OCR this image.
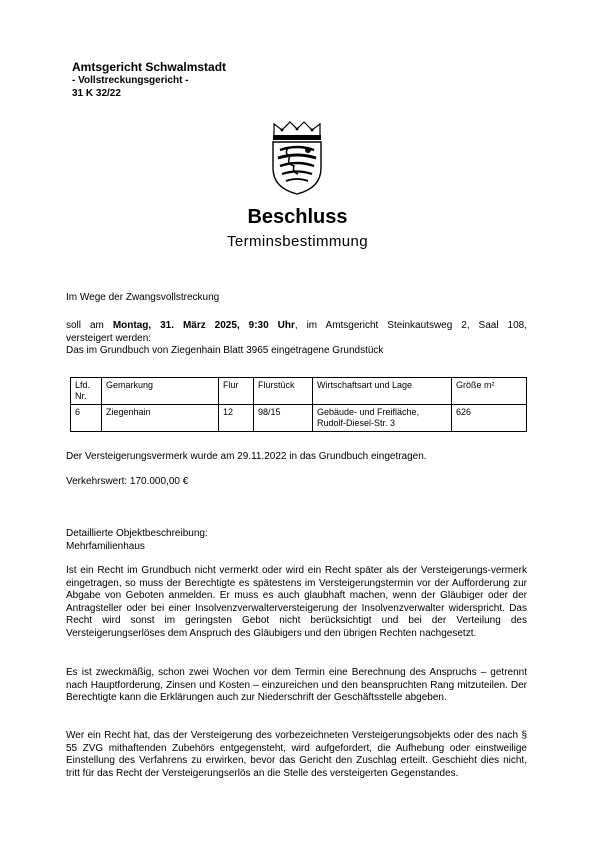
Amtsgericht Schwalmstadt
- Vollstreckungsgericht -
31 K 32/22
Beschluss
Terminsbestimmung
Im Wege der Zwangsvollstreckung
soll am Montag, 31. März 2025, 9:30 Uhr, im Amtsgericht Steinkautsweg 2, Saal 108,
versteigert werden:
Das im Grundbuch von Ziegenhain Blatt 3965 eingetragene Grundstück
Lfd. Nr.	Gemarkung	Flur	Flurstück	Wirtschaftsart und Lage	Größe m²
6	Ziegenhain	12	98/15	Gebäude- und Freifläche, Rudolf-Diesel-Str. 3	626
Der Versteigerungsvermerk wurde am 29.11.2022 in das Grundbuch eingetragen.
Verkehrswert: 170.000,00 €
Detaillierte Objektbeschreibung:
Mehrfamilienhaus
Ist ein Recht im Grundbuch nicht vermerkt oder wird ein Recht später als der Versteigerungs-vermerk eingetragen, so muss der Berechtigte es spätestens im Versteigerungstermin vor der Aufforderung zur Abgabe von Geboten anmelden. Er muss es auch glaubhaft machen, wenn der Gläubiger oder der Antragsteller oder bei einer Insolvenzverwalterversteigerung der Insolvenzverwalter widerspricht. Das Recht wird sonst im geringsten Gebot nicht berücksichtigt und bei der Verteilung des Versteigerungserlöses dem Anspruch des Gläubigers und den übrigen Rechten nachgesetzt.
Es ist zweckmäßig, schon zwei Wochen vor dem Termin eine Berechnung des Anspruchs – getrennt nach Hauptforderung, Zinsen und Kosten – einzureichen und den beanspruchten Rang mitzuteilen. Der Berechtigte kann die Erklärungen auch zur Niederschrift der Geschäftsstelle abgeben.
Wer ein Recht hat, das der Versteigerung des vorbezeichneten Versteigerungsobjekts oder des nach § 55 ZVG mithaftenden Zubehörs entgegensteht, wird aufgefordert, die Aufhebung oder einstweilige Einstellung des Verfahrens zu erwirken, bevor das Gericht den Zuschlag erteilt. Geschieht dies nicht, tritt für das Recht der Versteigerungserlös an die Stelle des versteigerten Gegenstandes.
